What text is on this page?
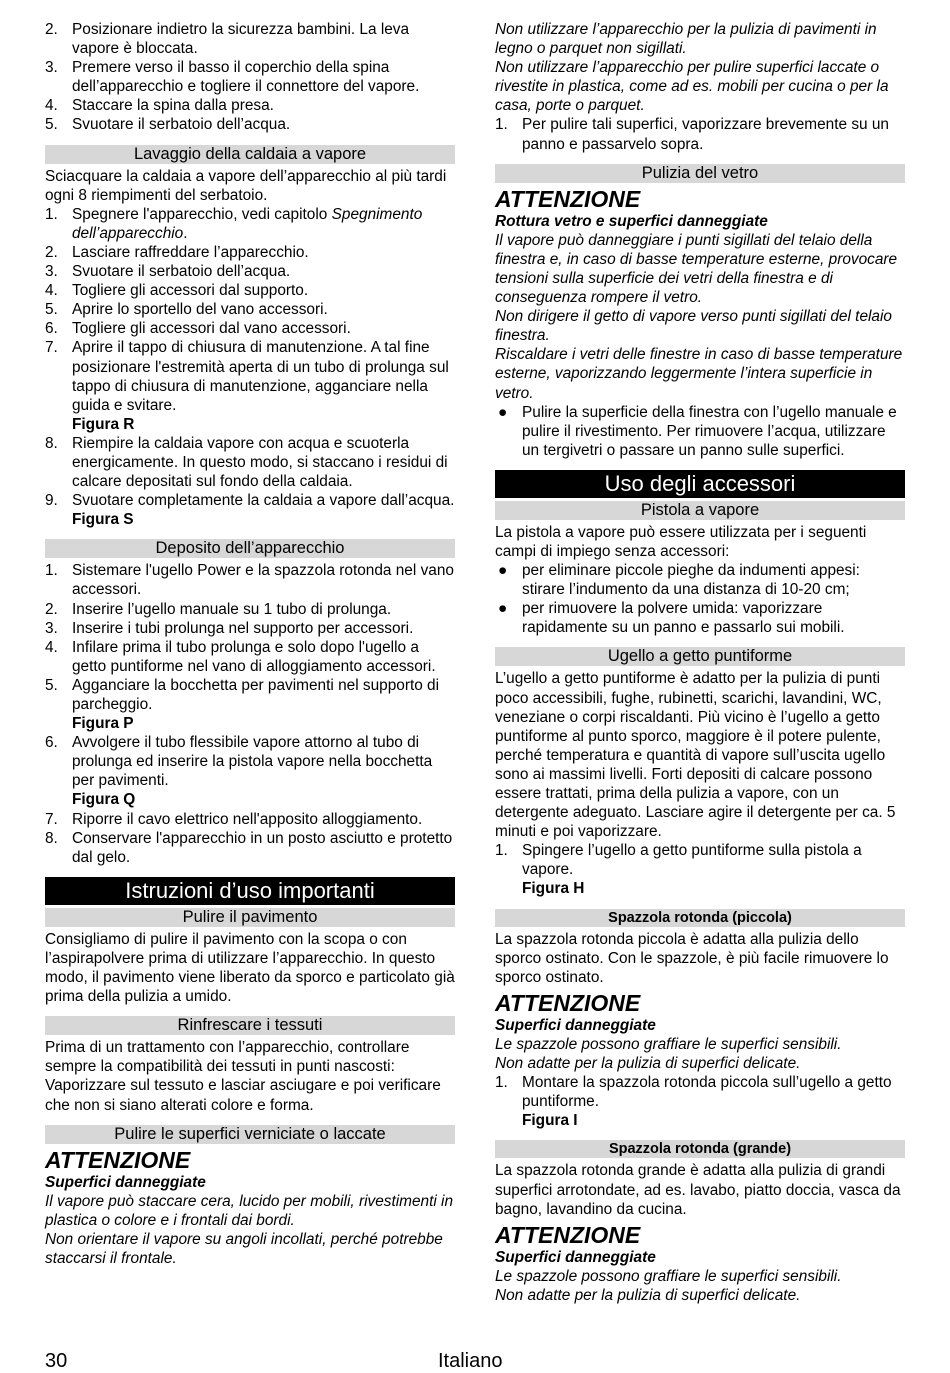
2. Posizionare indietro la sicurezza bambini. La leva vapore è bloccata.
3. Premere verso il basso il coperchio della spina dell’apparecchio e togliere il connettore del vapore.
4. Staccare la spina dalla presa.
5. Svuotare il serbatoio dell’acqua.
Lavaggio della caldaia a vapore

Sciacquare la caldaia a vapore dell’apparecchio al più tardi ogni 8 riempimenti del serbatoio.

1. Spegnere l'apparecchio, vedi capitolo Spegnimento dell’apparecchio.
2. Lasciare raffreddare l’apparecchio.
3. Svuotare il serbatoio dell’acqua.
4. Togliere gli accessori dal supporto.
5. Aprire lo sportello del vano accessori.
6. Togliere gli accessori dal vano accessori.
7. Aprire il tappo di chiusura di manutenzione. A tal fine posizionare l'estremità aperta di un tubo di prolunga sul tappo di chiusura di manutenzione, agganciare nella guida e svitare.
Figura R
8. Riempire la caldaia vapore con acqua e scuoterla energicamente. In questo modo, si staccano i residui di calcare depositati sul fondo della caldaia.
9. Svuotare completamente la caldaia a vapore dall’acqua.
Figura S
Deposito dell’apparecchio
1. Sistemare l'ugello Power e la spazzola rotonda nel vano accessori.
2. Inserire l’ugello manuale su 1 tubo di prolunga.
3. Inserire i tubi prolunga nel supporto per accessori.
4. Infilare prima il tubo prolunga e solo dopo l'ugello a getto puntiforme nel vano di alloggiamento accessori.
5. Agganciare la bocchetta per pavimenti nel supporto di parcheggio.
Figura P
6. Avvolgere il tubo flessibile vapore attorno al tubo di prolunga ed inserire la pistola vapore nella bocchetta per pavimenti.
Figura Q
7. Riporre il cavo elettrico nell'apposito alloggiamento.
8. Conservare l'apparecchio in un posto asciutto e protetto dal gelo.
Istruzioni d’uso importanti
Pulire il pavimento

Consigliamo di pulire il pavimento con la scopa o con l’aspirapolvere prima di utilizzare l’apparecchio. In questo modo, il pavimento viene liberato da sporco e particolato già prima della pulizia a umido.

Rinfrescare i tessuti

Prima di un trattamento con l’apparecchio, controllare sempre la compatibilità dei tessuti in punti nascosti: Vaporizzare sul tessuto e lasciar asciugare e poi verificare che non si siano alterati colore e forma.

Pulire le superfici verniciate o laccate
ATTENZIONE
Superfici danneggiate

Il vapore può staccare cera, lucido per mobili, rivestimenti in plastica o colore e i frontali dai bordi.

Non orientare il vapore su angoli incollati, perché potrebbe staccarsi il frontale.

Non utilizzare l’apparecchio per la pulizia di pavimenti in legno o parquet non sigillati.

Non utilizzare l’apparecchio per pulire superfici laccate o rivestite in plastica, come ad es. mobili per cucina o per la casa, porte o parquet.

1. Per pulire tali superfici, vaporizzare brevemente su un panno e passarvelo sopra.
Pulizia del vetro
ATTENZIONE
Rottura vetro e superfici danneggiate

Il vapore può danneggiare i punti sigillati del telaio della finestra e, in caso di basse temperature esterne, provocare tensioni sulla superficie dei vetri della finestra e di conseguenza rompere il vetro.

Non dirigere il getto di vapore verso punti sigillati del telaio finestra.

Riscaldare i vetri delle finestre in caso di basse temperature esterne, vaporizzando leggermente l’intera superficie in vetro.

● Pulire la superficie della finestra con l’ugello manuale e pulire il rivestimento. Per rimuovere l’acqua, utilizzare un tergivetri o passare un panno sulle superfici.
Uso degli accessori
Pistola a vapore

La pistola a vapore può essere utilizzata per i seguenti campi di impiego senza accessori:

● per eliminare piccole pieghe da indumenti appesi: stirare l’indumento da una distanza di 10-20 cm;
● per rimuovere la polvere umida: vaporizzare rapidamente su un panno e passarlo sui mobili.
Ugello a getto puntiforme

L’ugello a getto puntiforme è adatto per la pulizia di punti poco accessibili, fughe, rubinetti, scarichi, lavandini, WC, veneziane o corpi riscaldanti. Più vicino è l’ugello a getto puntiforme al punto sporco, maggiore è il potere pulente, perché temperatura e quantità di vapore sull’uscita ugello sono ai massimi livelli. Forti depositi di calcare possono essere trattati, prima della pulizia a vapore, con un detergente adeguato. Lasciare agire il detergente per ca. 5 minuti e poi vaporizzare.

1. Spingere l’ugello a getto puntiforme sulla pistola a vapore.
Figura H
Spazzola rotonda (piccola)

La spazzola rotonda piccola è adatta alla pulizia dello sporco ostinato. Con le spazzole, è più facile rimuovere lo sporco ostinato.

ATTENZIONE
Superfici danneggiate

Le spazzole possono graffiare le superfici sensibili.

Non adatte per la pulizia di superfici delicate.

1. Montare la spazzola rotonda piccola sull’ugello a getto puntiforme.
Figura I
Spazzola rotonda (grande)

La spazzola rotonda grande è adatta alla pulizia di grandi superfici arrotondate, ad es. lavabo, piatto doccia, vasca da bagno, lavandino da cucina.

ATTENZIONE
Superfici danneggiate

Le spazzole possono graffiare le superfici sensibili.

Non adatte per la pulizia di superfici delicate.

30	Italiano
